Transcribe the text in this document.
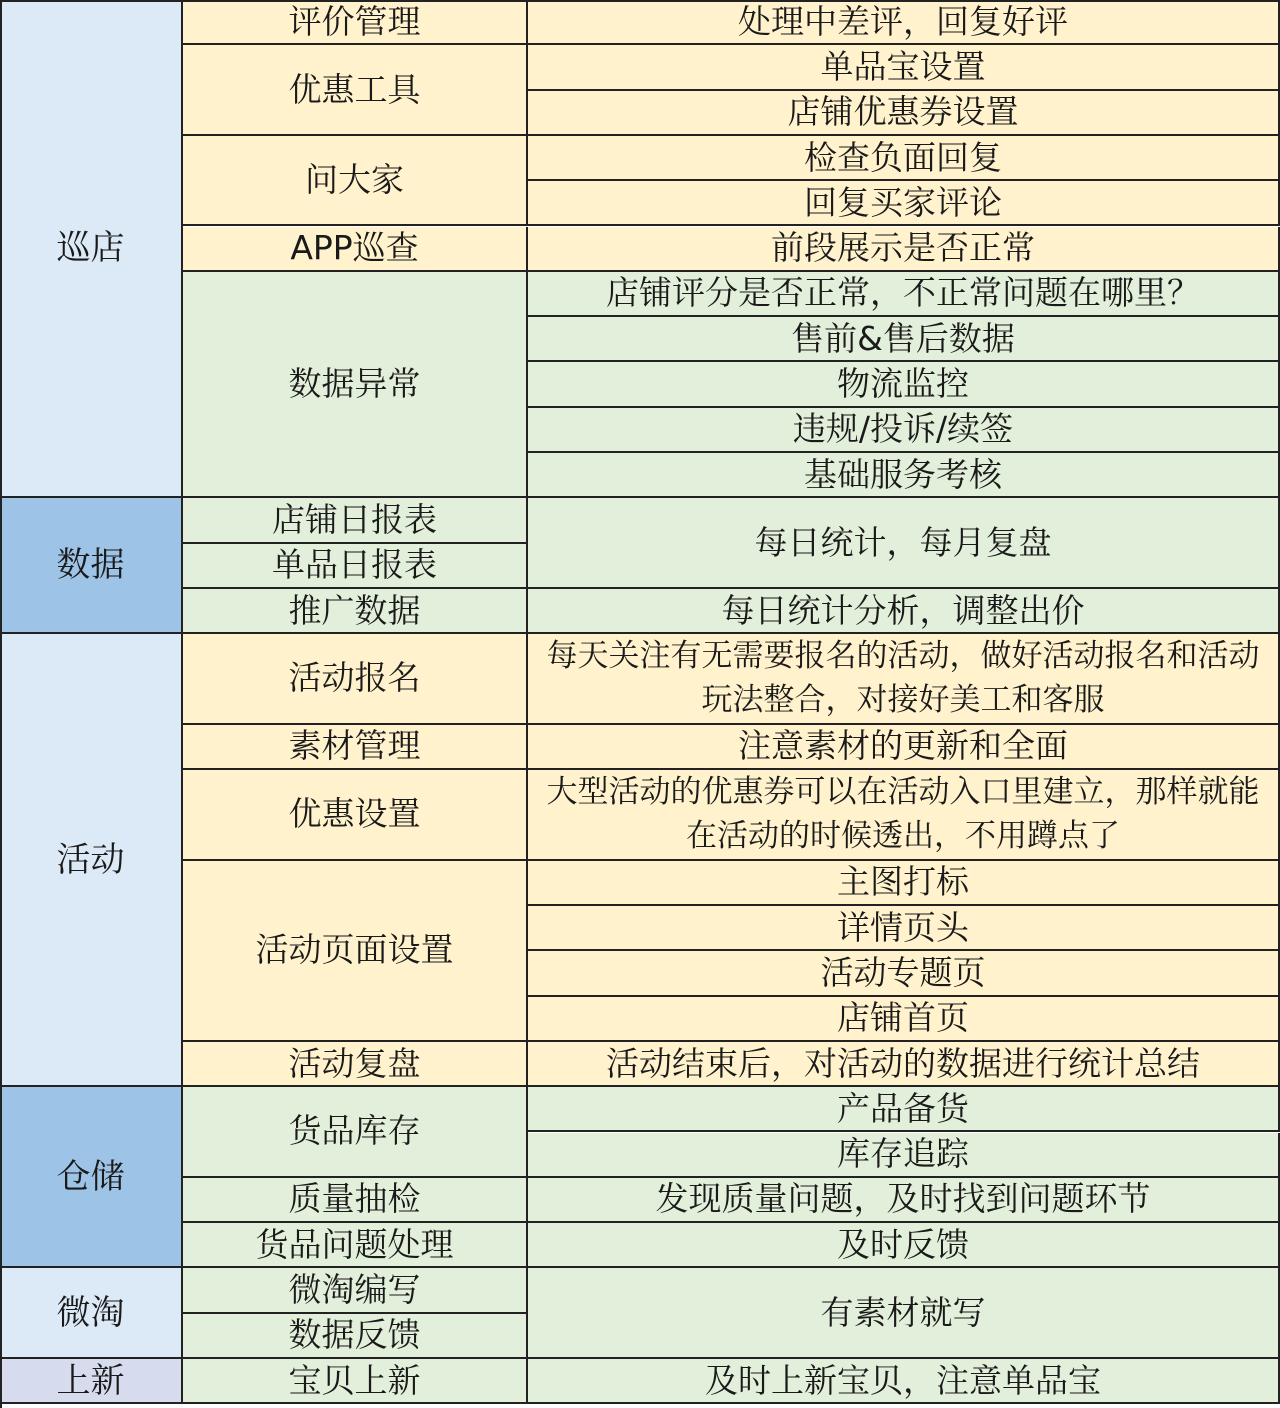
处理中差评，回复好评
评价管理
单品宝设置
店铺优惠券设置
优惠工具
检查负面回复
回复买家评论
问大家
前段展示是否正常
APP巡查
店铺评分是否正常，不正常问题在哪里？
售前&售后数据
物流监控
违规/投诉/续签
基础服务考核
数据异常
巡店
店铺日报表
单品日报表
推广数据	每日统计分析，调整出价
每日统计，每月复盘
数据
每天关注有无需要报名的活动，做好活动报名和活动玩法整合，对接好美工和客服
活动报名
注意素材的更新和全面
素材管理
大型活动的优惠券可以在活动入口里建立，那样就能在活动的时候透出，不用蹲点了
优惠设置
主图打标
详情页头
活动专题页
店铺首页
活动页面设置
活动结束后，对活动的数据进行统计总结
活动复盘
活动
产品备货
库存追踪
货品库存
发现质量问题，及时找到问题环节
质量抽检
及时反馈
货品问题处理
仓储
微淘编写
数据反馈
有素材就写
微淘
及时上新宝贝，注意单品宝
宝贝上新
上新
